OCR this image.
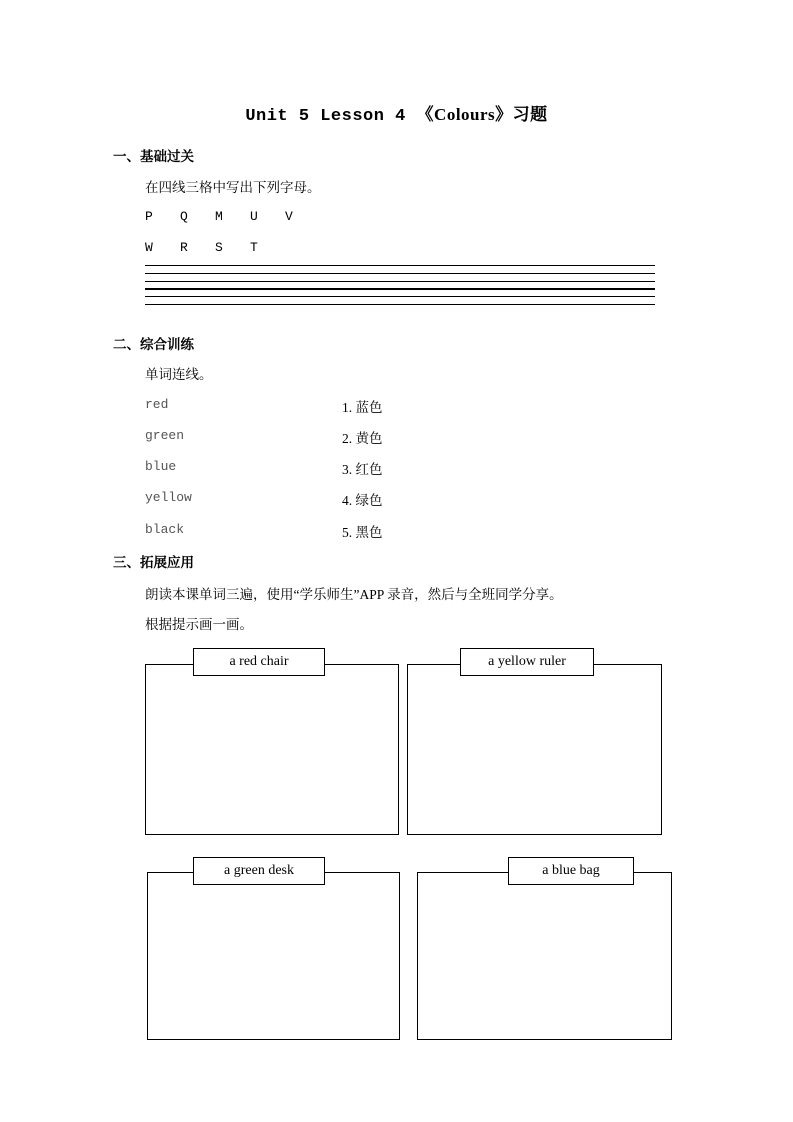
Unit 5 Lesson 4 《Colours》习题
一、基础过关
在四线三格中写出下列字母。
P Q M U V
W R S T
二、综合训练
单词连线。
red	1. 蓝色
green	2. 黄色
blue	3. 红色
yellow	4. 绿色
black	5. 黑色
三、拓展应用
朗读本课单词三遍，使用“学乐师生”APP 录音，然后与全班同学分享。
根据提示画一画。
a red chair	a yellow ruler
a green desk	a blue bag
